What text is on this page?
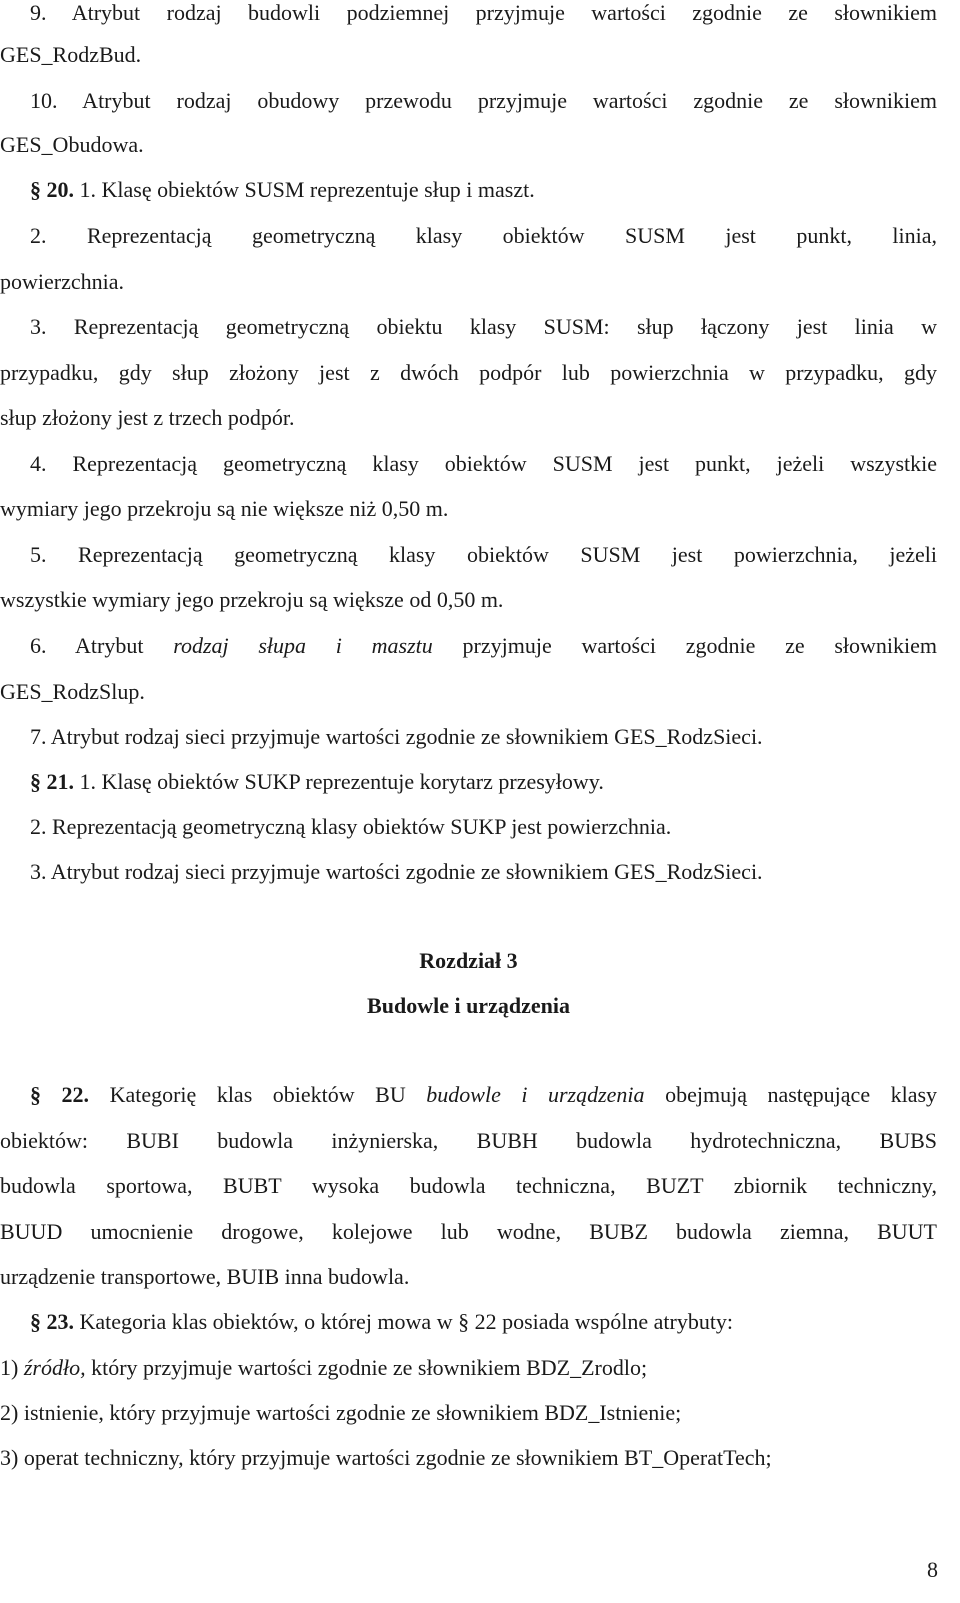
9. Atrybut rodzaj budowli podziemnej przyjmuje wartości zgodnie ze słownikiem
GES_RodzBud.
10. Atrybut rodzaj obudowy przewodu przyjmuje wartości zgodnie ze słownikiem
GES_Obudowa.
§ 20. 1. Klasę obiektów SUSM reprezentuje słup i maszt.
2. Reprezentacją geometryczną klasy obiektów SUSM jest punkt, linia,
powierzchnia.
3. Reprezentacją geometryczną obiektu klasy SUSM: słup łączony jest linia w
przypadku, gdy słup złożony jest z dwóch podpór lub powierzchnia w przypadku, gdy
słup złożony jest z trzech podpór.
4. Reprezentacją geometryczną klasy obiektów SUSM jest punkt, jeżeli wszystkie
wymiary jego przekroju są nie większe niż 0,50 m.
5. Reprezentacją geometryczną klasy obiektów SUSM jest powierzchnia, jeżeli
wszystkie wymiary jego przekroju są większe od 0,50 m.
6. Atrybut rodzaj słupa i masztu przyjmuje wartości zgodnie ze słownikiem
GES_RodzSlup.
7. Atrybut rodzaj sieci przyjmuje wartości zgodnie ze słownikiem GES_RodzSieci.
§ 21. 1. Klasę obiektów SUKP reprezentuje korytarz przesyłowy.
2. Reprezentacją geometryczną klasy obiektów SUKP jest powierzchnia.
3. Atrybut rodzaj sieci przyjmuje wartości zgodnie ze słownikiem GES_RodzSieci.
Rozdział 3
Budowle i urządzenia
§ 22. Kategorię klas obiektów BU budowle i urządzenia obejmują następujące klasy
obiektów: BUBI budowla inżynierska, BUBH budowla hydrotechniczna, BUBS
budowla sportowa, BUBT wysoka budowla techniczna, BUZT zbiornik techniczny,
BUUD umocnienie drogowe, kolejowe lub wodne, BUBZ budowla ziemna, BUUT
urządzenie transportowe, BUIB inna budowla.
§ 23. Kategoria klas obiektów, o której mowa w § 22 posiada wspólne atrybuty:
1) źródło, który przyjmuje wartości zgodnie ze słownikiem BDZ_Zrodlo;
2) istnienie, który przyjmuje wartości zgodnie ze słownikiem BDZ_Istnienie;
3) operat techniczny, który przyjmuje wartości zgodnie ze słownikiem BT_OperatTech;
8
